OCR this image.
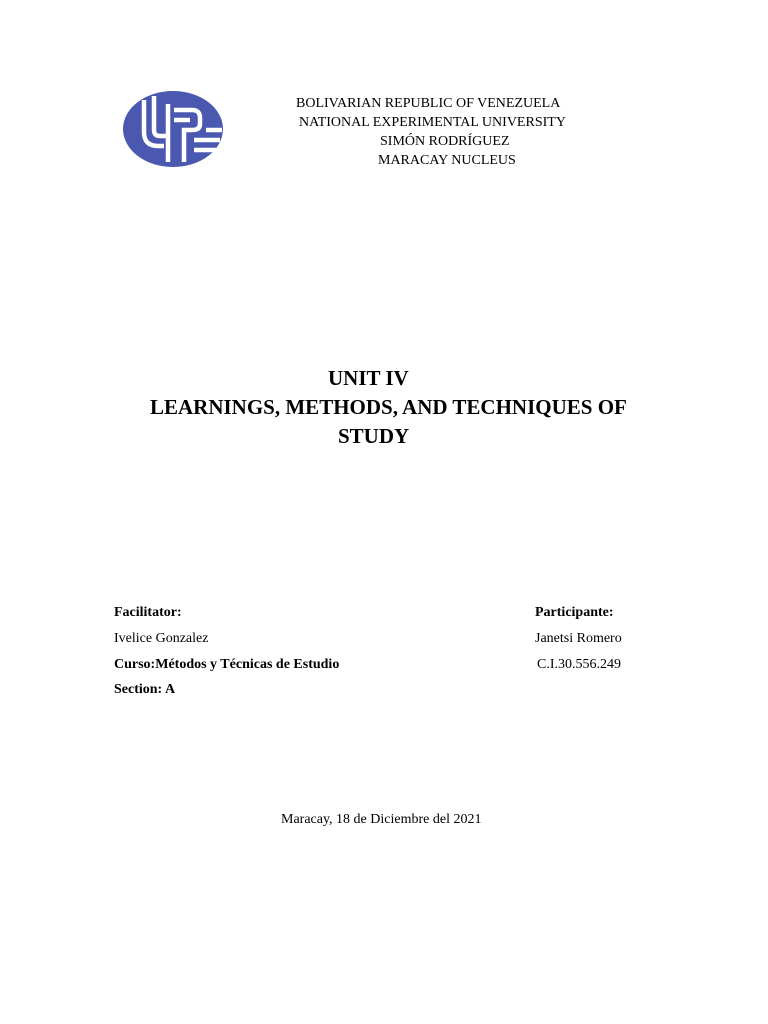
BOLIVARIAN REPUBLIC OF VENEZUELA
NATIONAL EXPERIMENTAL UNIVERSITY
SIMÓN RODRÍGUEZ
MARACAY NUCLEUS
UNIT IV
LEARNINGS, METHODS, AND TECHNIQUES OF
STUDY
Facilitator:
Ivelice Gonzalez
Curso:Métodos y Técnicas de Estudio
Section: A
Participante:
Janetsi Romero
C.I.30.556.249
Maracay, 18 de Diciembre del 2021
